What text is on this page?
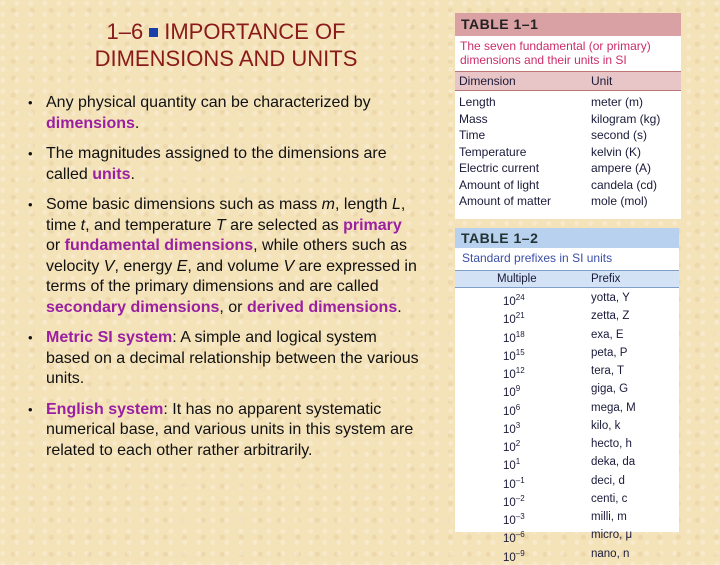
1–6 IMPORTANCE OF
DIMENSIONS AND UNITS
• Any physical quantity can be characterized by dimensions.
• The magnitudes assigned to the dimensions are called units.
• Some basic dimensions such as mass m, length L, time t, and temperature T are selected as primary or fundamental dimensions, while others such as velocity V, energy E, and volume V are expressed in terms of the primary dimensions and are called secondary dimensions, or derived dimensions.
• Metric SI system: A simple and logical system based on a decimal relationship between the various units.
• English system: It has no apparent systematic numerical base, and various units in this system are related to each other rather arbitrarily.
TABLE 1–1
The seven fundamental (or primary) dimensions and their units in SI
Dimension	Unit
Length	meter (m)
Mass	kilogram (kg)
Time	second (s)
Temperature	kelvin (K)
Electric current	ampere (A)
Amount of light	candela (cd)
Amount of matter	mole (mol)
TABLE 1–2
Standard prefixes in SI units
Multiple	Prefix
$10^{24}$	yotta, Y
$10^{21}$	zetta, Z
$10^{18}$	exa, E
$10^{15}$	peta, P
$10^{12}$	tera, T
$10^9$	giga, G
$10^6$	mega, M
$10^3$	kilo, k
$10^2$	hecto, h
$10^1$	deka, da
$10^{-1}$	deci, d
$10^{-2}$	centi, c
$10^{-3}$	milli, m
$10^{-6}$	micro, μ
$10^{-9}$	nano, n
